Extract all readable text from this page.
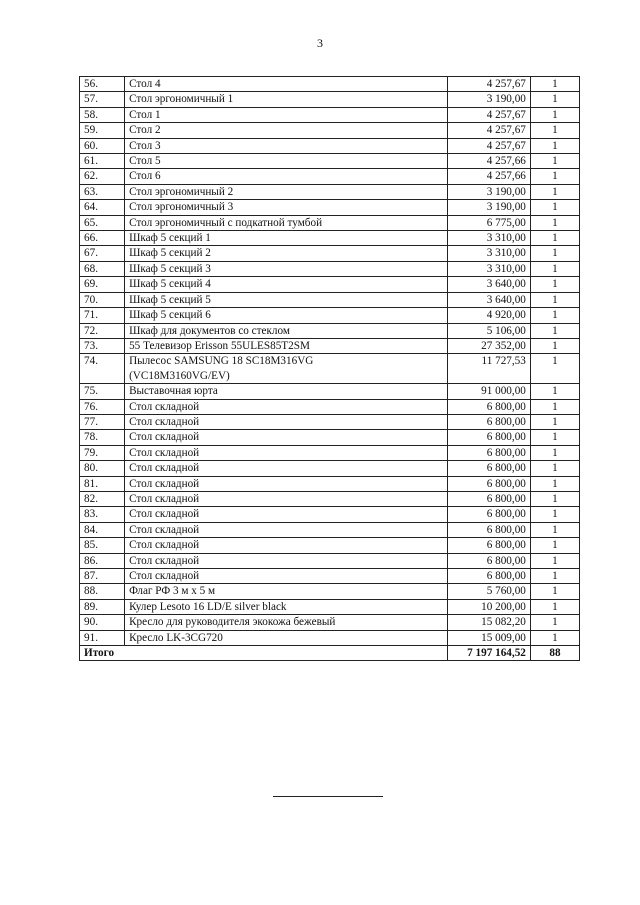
3
56.	Стол 4	4 257,67	1
57.	Стол эргономичный 1	3 190,00	1
58.	Стол 1	4 257,67	1
59.	Стол 2	4 257,67	1
60.	Стол 3	4 257,67	1
61.	Стол 5	4 257,66	1
62.	Стол 6	4 257,66	1
63.	Стол эргономичный 2	3 190,00	1
64.	Стол эргономичный 3	3 190,00	1
65.	Стол эргономичный с подкатной тумбой	6 775,00	1
66.	Шкаф 5 секций 1	3 310,00	1
67.	Шкаф 5 секций 2	3 310,00	1
68.	Шкаф 5 секций 3	3 310,00	1
69.	Шкаф 5 секций 4	3 640,00	1
70.	Шкаф 5 секций 5	3 640,00	1
71.	Шкаф 5 секций 6	4 920,00	1
72.	Шкаф для документов со стеклом	5 106,00	1
73.	55 Телевизор Erisson 55ULES85T2SM	27 352,00	1
74.	Пылесос SAMSUNG 18 SC18M316VG
(VC18M3160VG/EV)	11 727,53	1
75.	Выставочная юрта	91 000,00	1
76.	Стол складной	6 800,00	1
77.	Стол складной	6 800,00	1
78.	Стол складной	6 800,00	1
79.	Стол складной	6 800,00	1
80.	Стол складной	6 800,00	1
81.	Стол складной	6 800,00	1
82.	Стол складной	6 800,00	1
83.	Стол складной	6 800,00	1
84.	Стол складной	6 800,00	1
85.	Стол складной	6 800,00	1
86.	Стол складной	6 800,00	1
87.	Стол складной	6 800,00	1
88.	Флаг РФ 3 м х 5 м	5 760,00	1
89.	Кулер Lesoto 16 LD/E silver black	10 200,00	1
90.	Кресло для руководителя экокожа бежевый	15 082,20	1
91.	Кресло LK-3CG720	15 009,00	1
Итого		7 197 164,52	88
